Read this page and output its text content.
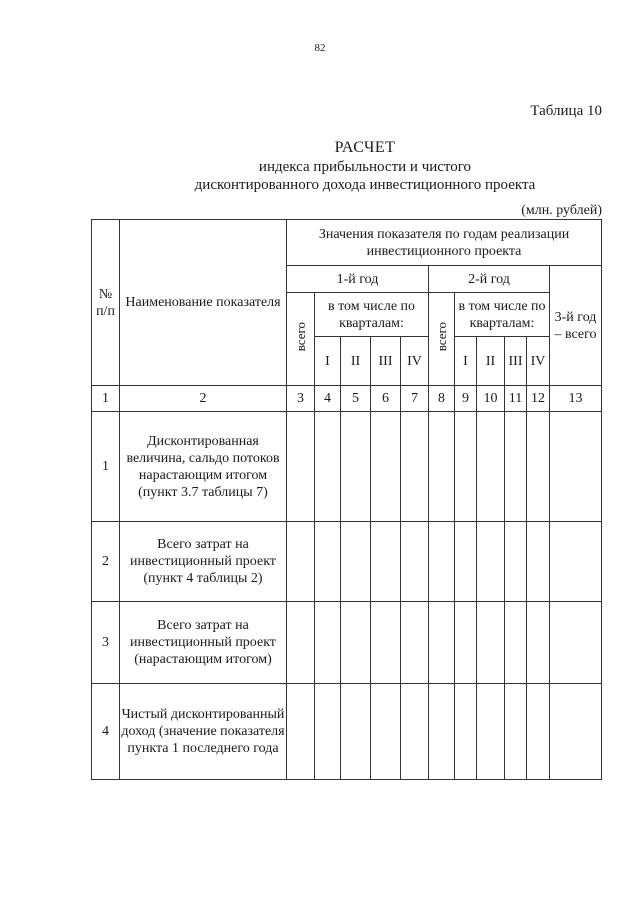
82
Таблица 10
РАСЧЕТ
индекса прибыльности и чистого
дисконтированного дохода инвестиционного проекта
(млн. рублей)
№ п/п	Наименование показателя	Значения показателя по годам реализации инвестиционного проекта										
		1-й год					2-й год					3-й год – всего
		всего	в том числе по кварталам:				всего	в том числе по кварталам:				
			I	II	III	IV		I	II	III	IV	
1	2	3	4	5	6	7	8	9	10	11	12	13
1	Дисконтированная величина, сальдо потоков нарастающим итогом (пункт 3.7 таблицы 7)											
2	Всего затрат на инвестиционный проект (пункт 4 таблицы 2)											
3	Всего затрат на инвестиционный проект (нарастающим итогом)											
4	Чистый дисконтированный доход (значение показателя пункта 1 последнего года											
